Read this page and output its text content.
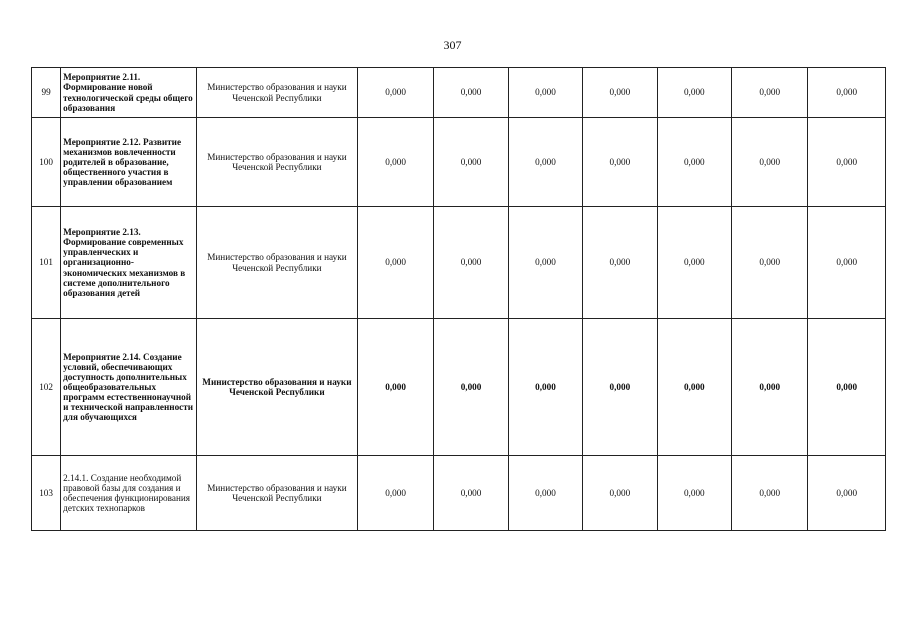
307
99	Мероприятие 2.11. Формирование новой технологической среды общего образования	Министерство образования и науки Чеченской Республики	0,000	0,000	0,000	0,000	0,000	0,000	0,000
100	Мероприятие 2.12. Развитие механизмов вовлеченности родителей в образование, общественного участия в управлении образованием	Министерство образования и науки Чеченской Республики	0,000	0,000	0,000	0,000	0,000	0,000	0,000
101	Мероприятие 2.13. Формирование современных управленческих и организационно-экономических механизмов в системе дополнительного образования детей	Министерство образования и науки Чеченской Республики	0,000	0,000	0,000	0,000	0,000	0,000	0,000
102	Мероприятие 2.14. Создание условий, обеспечивающих доступность дополнительных общеобразовательных программ естественнонаучной и технической направленности для обучающихся	Министерство образования и науки Чеченской Республики	0,000	0,000	0,000	0,000	0,000	0,000	0,000
103	2.14.1. Создание необходимой правовой базы для создания и обеспечения функционирования детских технопарков	Министерство образования и науки Чеченской Республики	0,000	0,000	0,000	0,000	0,000	0,000	0,000
